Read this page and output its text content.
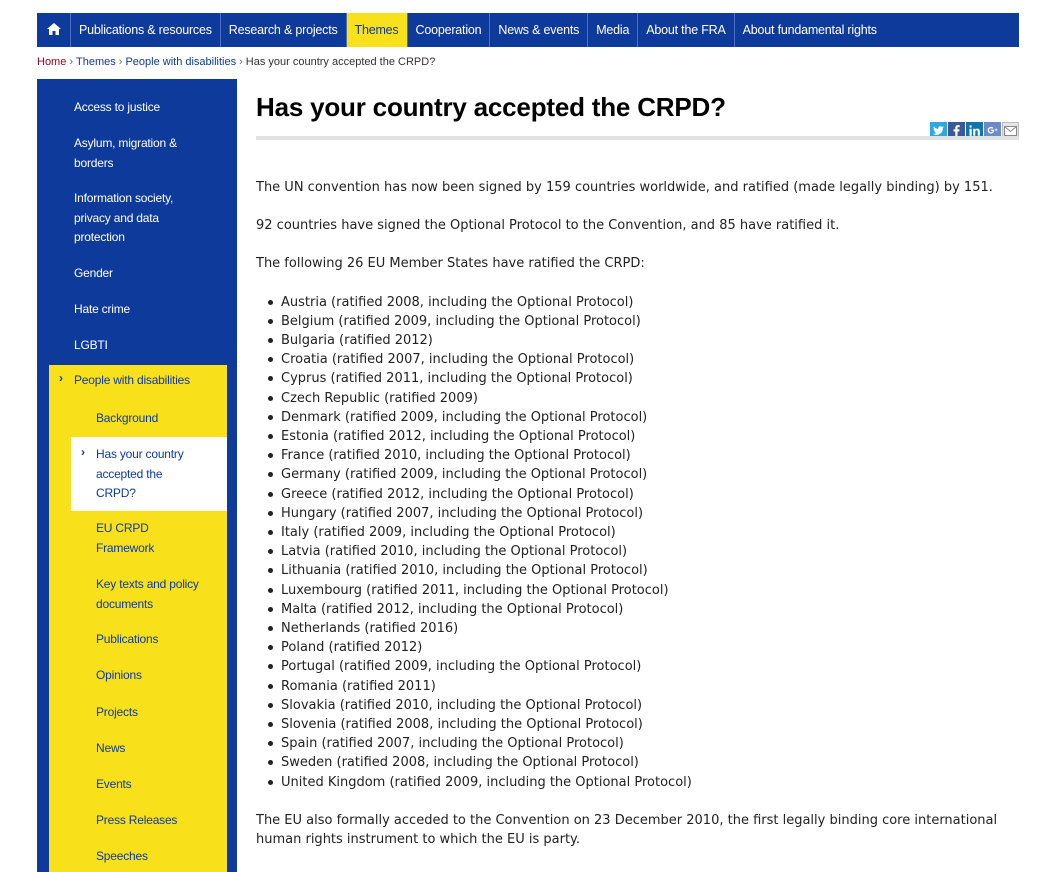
Publications & resources	Research & projects	Themes	Cooperation	News & events	Media	About the FRA	About fundamental rights
Home › Themes › People with disabilities › Has your country accepted the CRPD?
Access to justice
Asylum, migration & borders
Information society, privacy and data protection
Gender
Hate crime
LGBTI
› People with disabilities
Background
› Has your country accepted the CRPD?
EU CRPD Framework
Key texts and policy documents
Publications
Opinions
Projects
News
Events
Press Releases
Speeches
Has your country accepted the CRPD?

The UN convention has now been signed by 159 countries worldwide, and ratified (made legally binding) by 151.

92 countries have signed the Optional Protocol to the Convention, and 85 have ratified it.

The following 26 EU Member States have ratified the CRPD:

Austria (ratified 2008, including the Optional Protocol)
Belgium (ratified 2009, including the Optional Protocol)
Bulgaria (ratified 2012)
Croatia (ratified 2007, including the Optional Protocol)
Cyprus (ratified 2011, including the Optional Protocol)
Czech Republic (ratified 2009)
Denmark (ratified 2009, including the Optional Protocol)
Estonia (ratified 2012, including the Optional Protocol)
France (ratified 2010, including the Optional Protocol)
Germany (ratified 2009, including the Optional Protocol)
Greece (ratified 2012, including the Optional Protocol)
Hungary (ratified 2007, including the Optional Protocol)
Italy (ratified 2009, including the Optional Protocol)
Latvia (ratified 2010, including the Optional Protocol)
Lithuania (ratified 2010, including the Optional Protocol)
Luxembourg (ratified 2011, including the Optional Protocol)
Malta (ratified 2012, including the Optional Protocol)
Netherlands (ratified 2016)
Poland (ratified 2012)
Portugal (ratified 2009, including the Optional Protocol)
Romania (ratified 2011)
Slovakia (ratified 2010, including the Optional Protocol)
Slovenia (ratified 2008, including the Optional Protocol)
Spain (ratified 2007, including the Optional Protocol)
Sweden (ratified 2008, including the Optional Protocol)
United Kingdom (ratified 2009, including the Optional Protocol)

The EU also formally acceded to the Convention on 23 December 2010, the first legally binding core international human rights instrument to which the EU is party.
